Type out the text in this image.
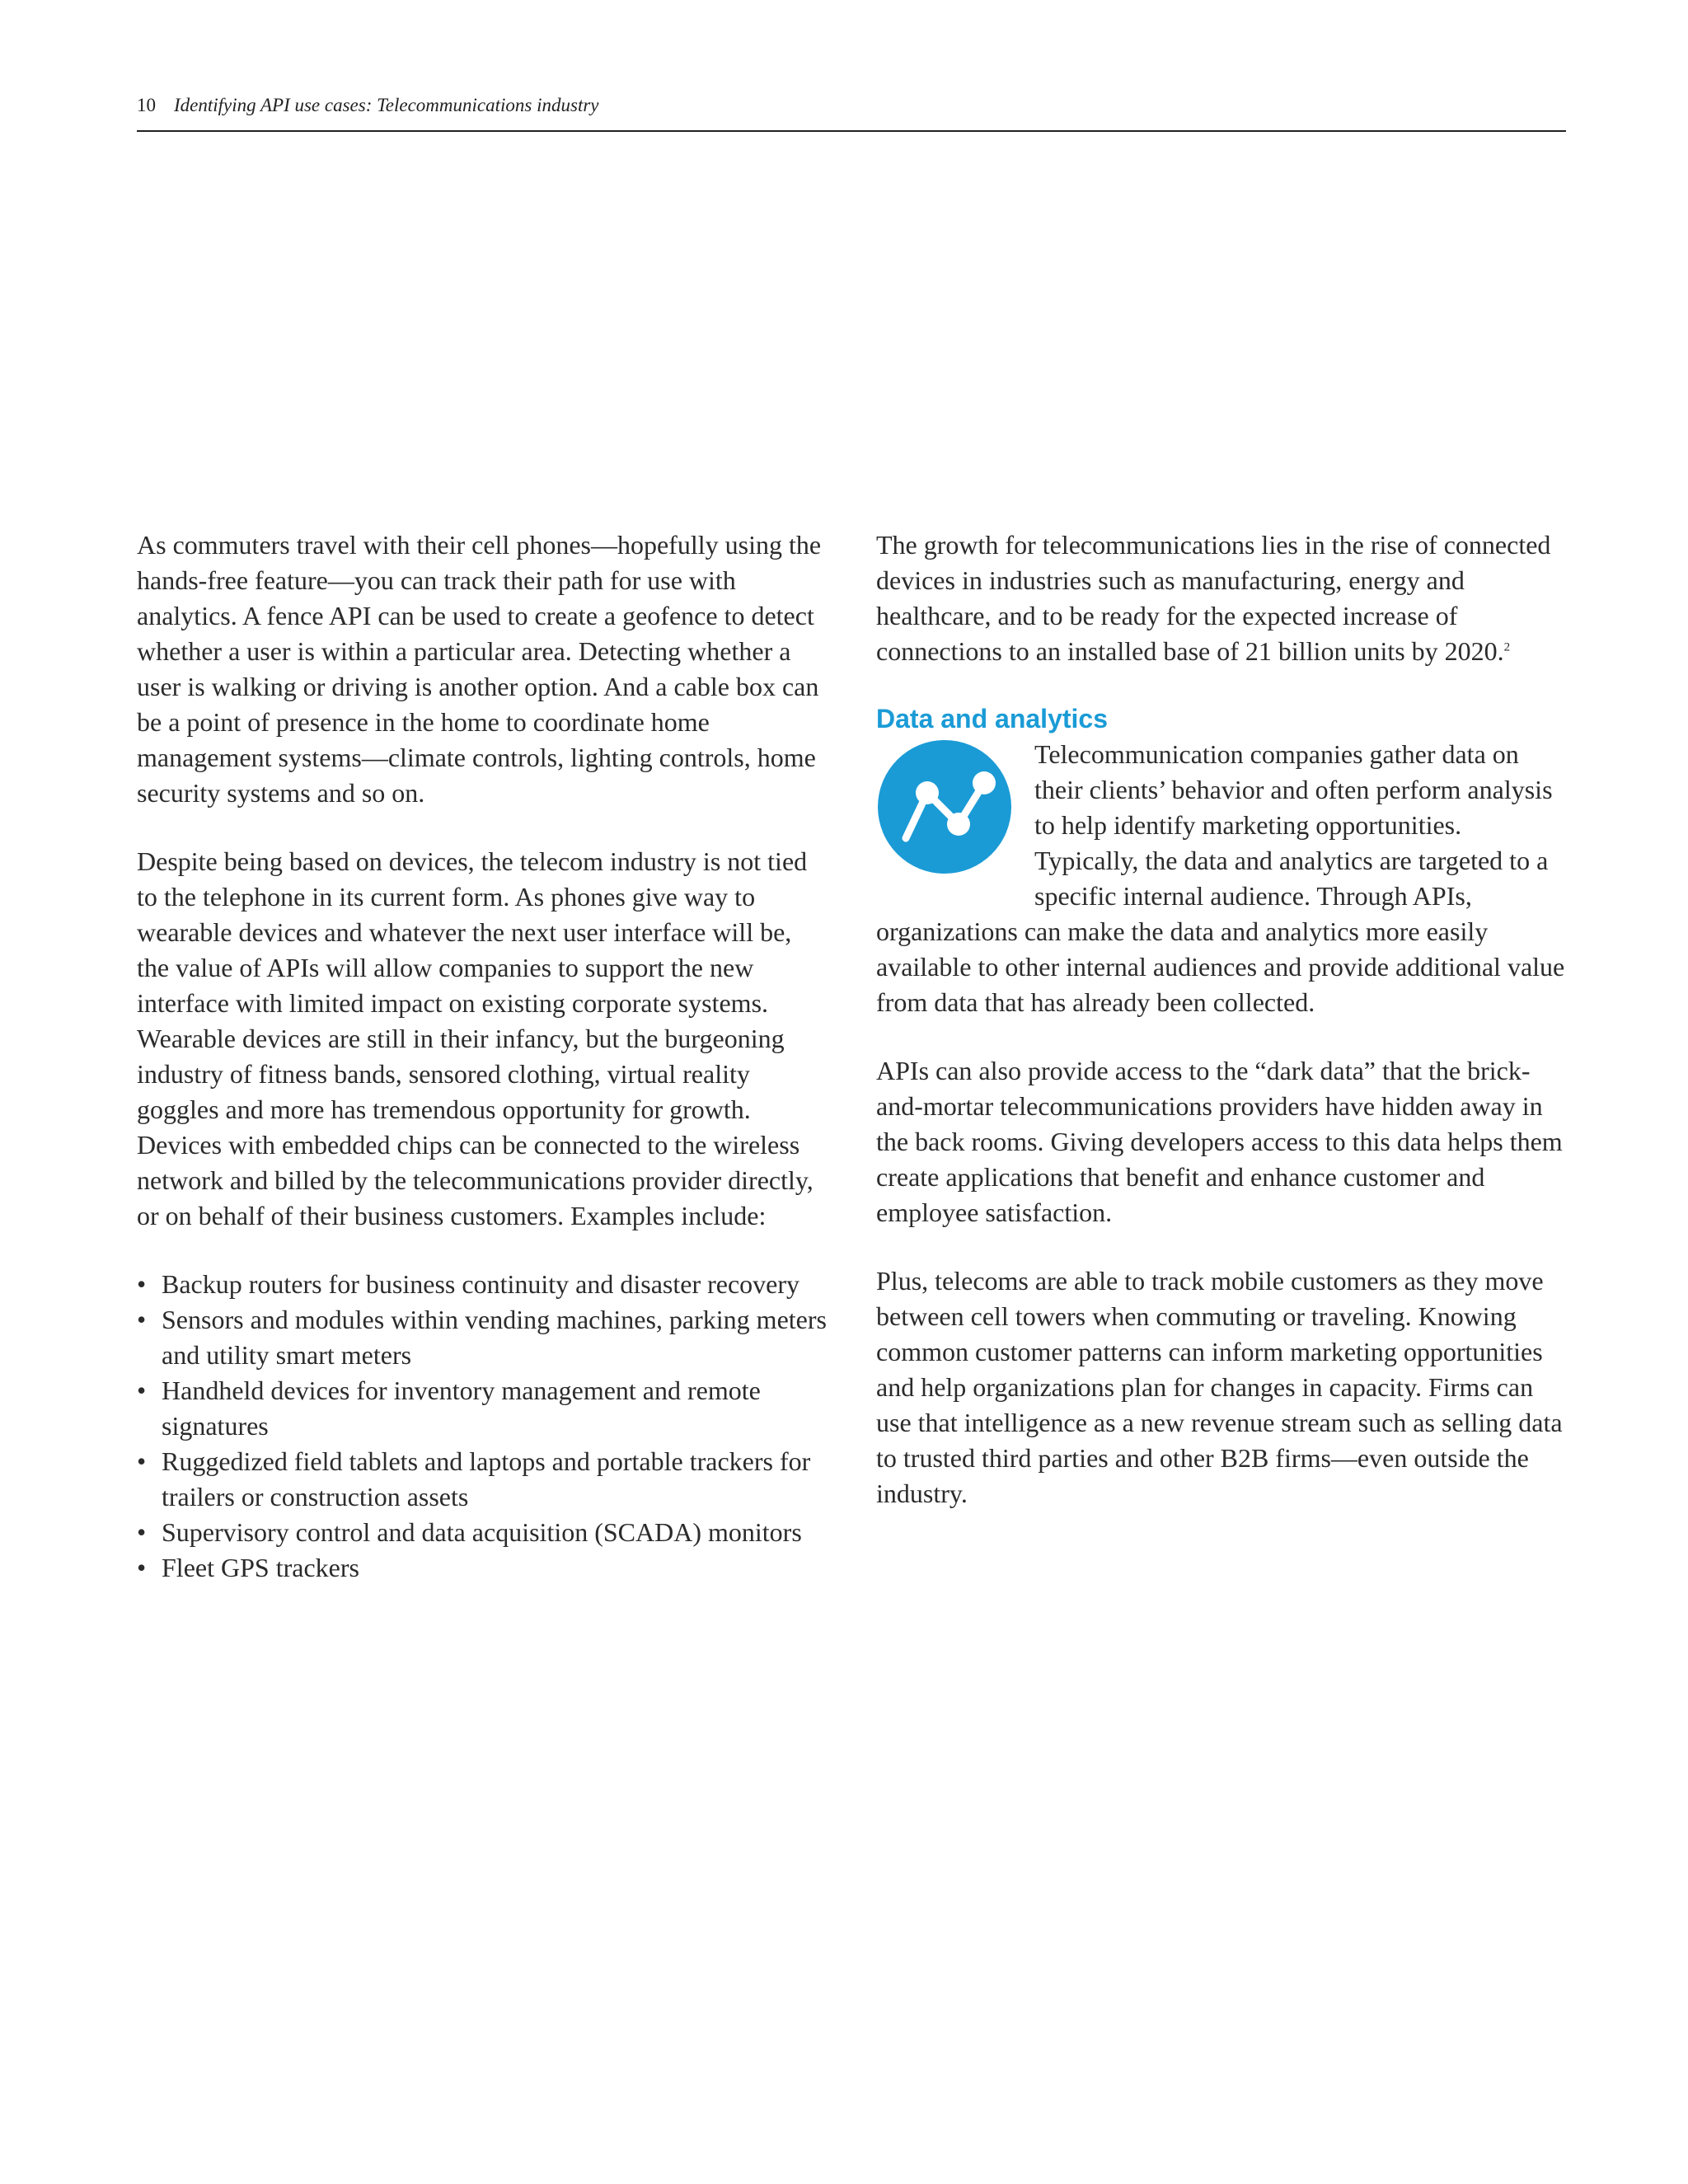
10 Identifying API use cases: Telecommunications industry

As commuters travel with their cell phones—hopefully using the hands-free feature—you can track their path for use with analytics. A fence API can be used to create a geofence to detect whether a user is within a particular area. Detecting whether a user is walking or driving is another option. And a cable box can be a point of presence in the home to coordinate home management systems—climate controls, lighting controls, home security systems and so on.

Despite being based on devices, the telecom industry is not tied to the telephone in its current form. As phones give way to wearable devices and whatever the next user interface will be, the value of APIs will allow companies to support the new interface with limited impact on existing corporate systems. Wearable devices are still in their infancy, but the burgeoning industry of fitness bands, sensored clothing, virtual reality goggles and more has tremendous opportunity for growth. Devices with embedded chips can be connected to the wireless network and billed by the telecommunications provider directly, or on behalf of their business customers. Examples include:

• Backup routers for business continuity and disaster recovery
• Sensors and modules within vending machines, parking meters and utility smart meters
• Handheld devices for inventory management and remote signatures
• Ruggedized field tablets and laptops and portable trackers for trailers or construction assets
• Supervisory control and data acquisition (SCADA) monitors
• Fleet GPS trackers

The growth for telecommunications lies in the rise of connected devices in industries such as manufacturing, energy and healthcare, and to be ready for the expected increase of connections to an installed base of 21 billion units by 2020.$^2$

Data and analytics

Telecommunication companies gather data on their clients’ behavior and often perform analysis to help identify marketing opportunities. Typically, the data and analytics are targeted to a specific internal audience. Through APIs, organizations can make the data and analytics more easily available to other internal audiences and provide additional value from data that has already been collected.

APIs can also provide access to the “dark data” that the brick-and-mortar telecommunications providers have hidden away in the back rooms. Giving developers access to this data helps them create applications that benefit and enhance customer and employee satisfaction.

Plus, telecoms are able to track mobile customers as they move between cell towers when commuting or traveling. Knowing common customer patterns can inform marketing opportunities and help organizations plan for changes in capacity. Firms can use that intelligence as a new revenue stream such as selling data to trusted third parties and other B2B firms—even outside the industry.
